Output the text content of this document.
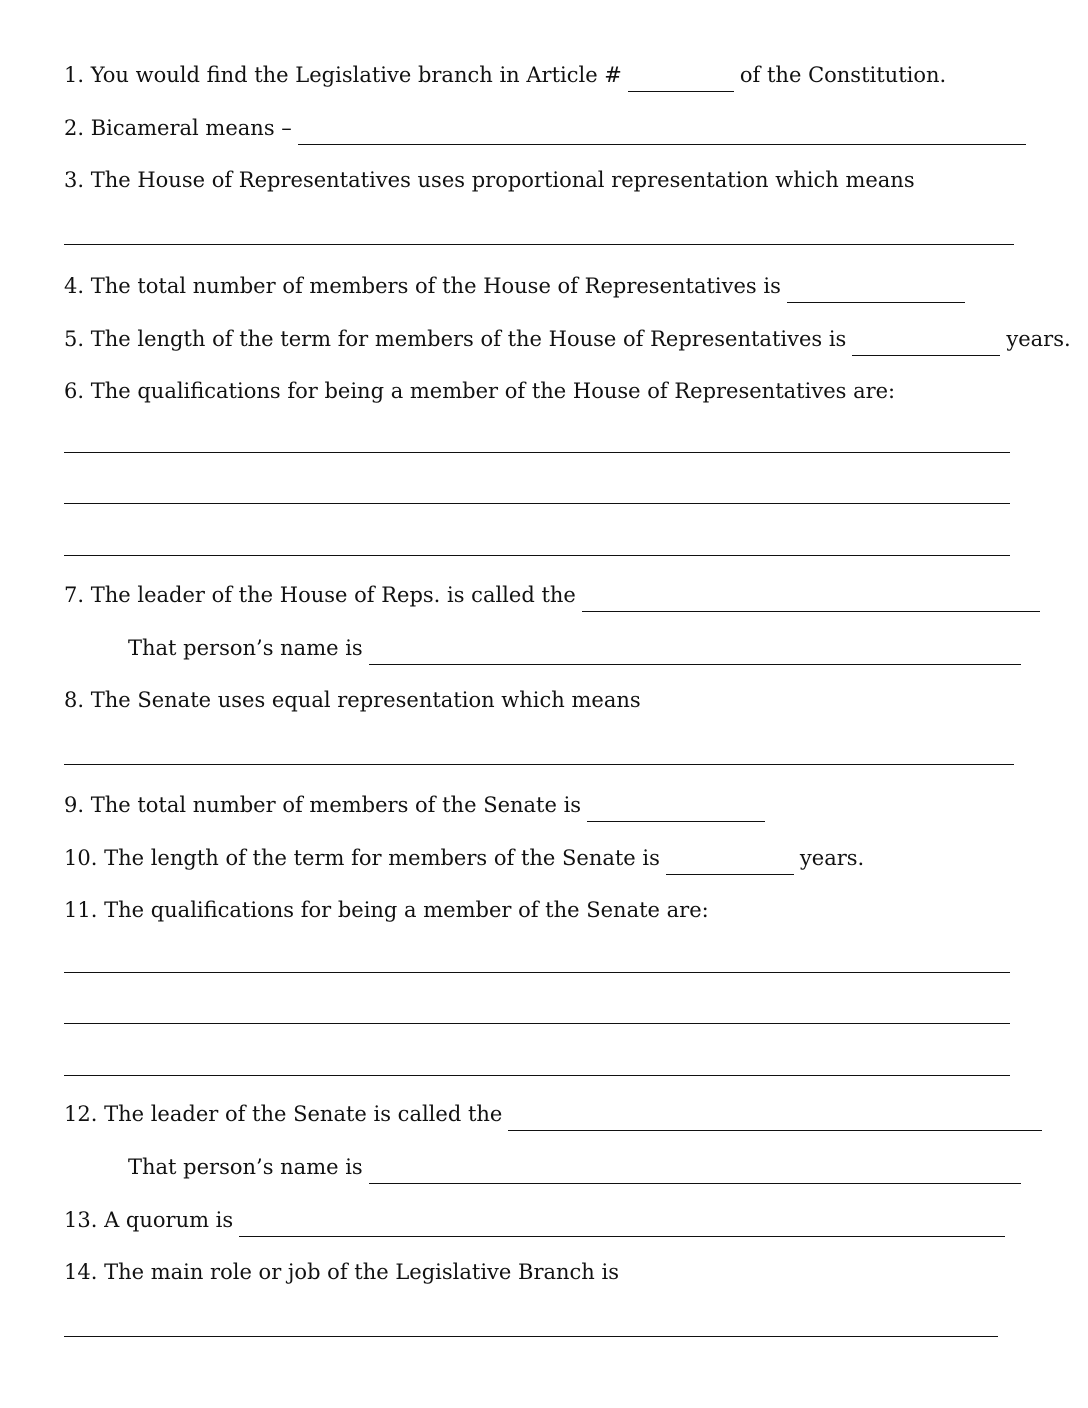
1. You would find the Legislative branch in Article #	of the Constitution.
2. Bicameral means –
3. The House of Representatives uses proportional representation which means
4. The total number of members of the House of Representatives is
5. The length of the term for members of the House of Representatives is	years.
6. The qualifications for being a member of the House of Representatives are:
7. The leader of the House of Reps. is called the
That person’s name is
8. The Senate uses equal representation which means
9. The total number of members of the Senate is
10. The length of the term for members of the Senate is	years.
11. The qualifications for being a member of the Senate are:
12. The leader of the Senate is called the
That person’s name is
13. A quorum is
14. The main role or job of the Legislative Branch is
